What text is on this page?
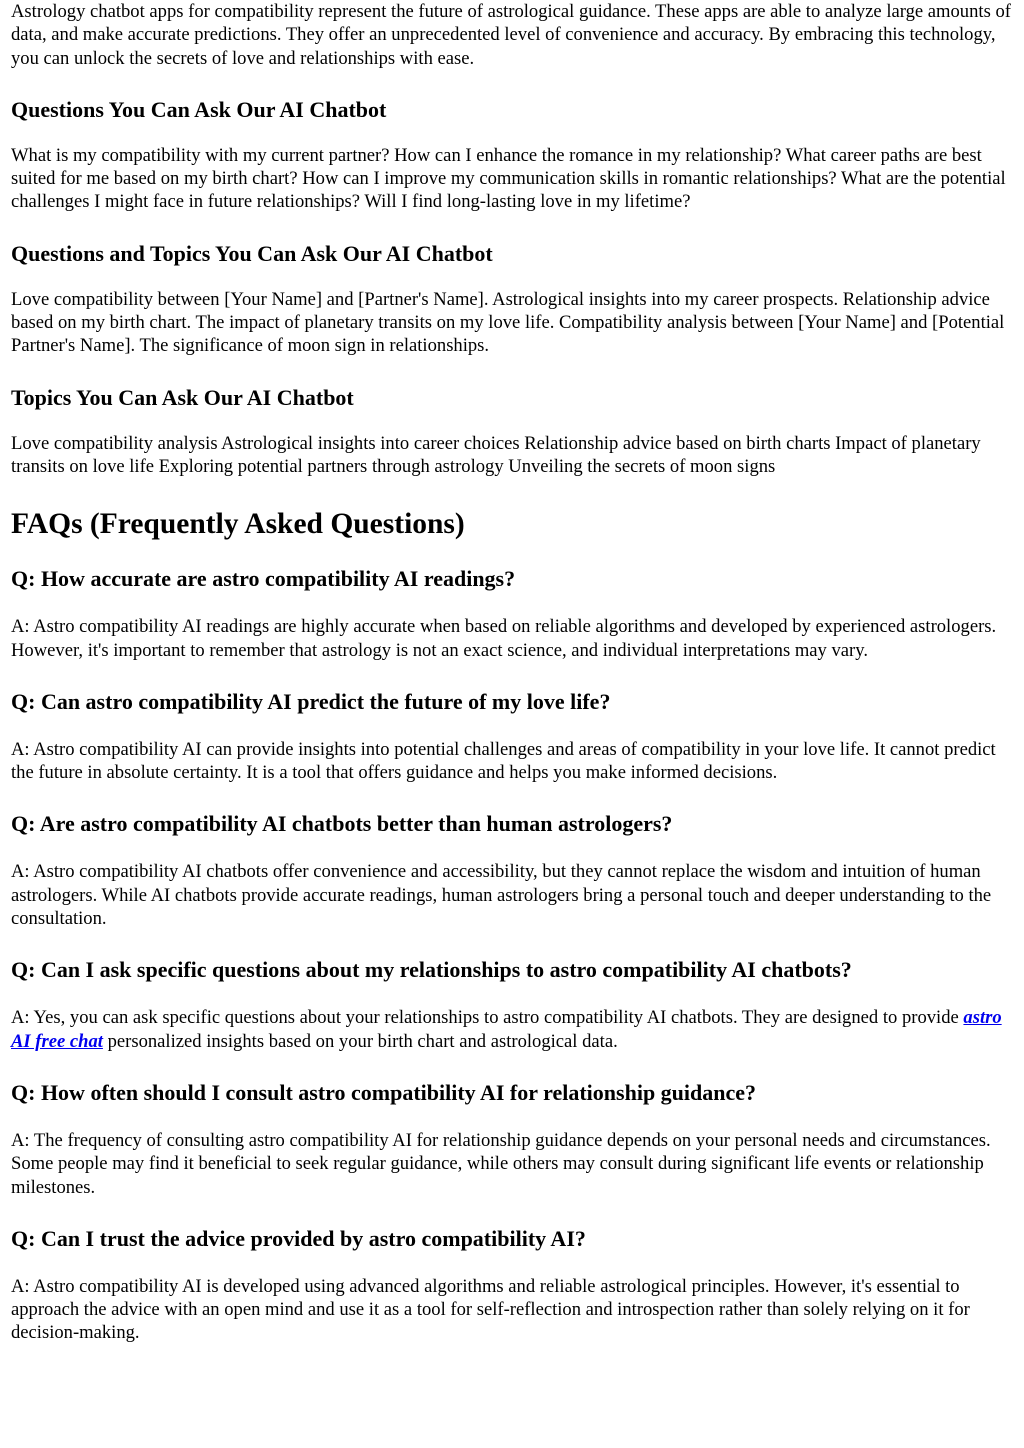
Astrology chatbot apps for compatibility represent the future of astrological guidance. These apps are able to analyze large amounts of data, and make accurate predictions. They offer an unprecedented level of convenience and accuracy. By embracing this technology, you can unlock the secrets of love and relationships with ease.

Questions You Can Ask Our AI Chatbot

What is my compatibility with my current partner? How can I enhance the romance in my relationship? What career paths are best suited for me based on my birth chart? How can I improve my communication skills in romantic relationships? What are the potential challenges I might face in future relationships? Will I find long-lasting love in my lifetime?

Questions and Topics You Can Ask Our AI Chatbot

Love compatibility between [Your Name] and [Partner's Name]. Astrological insights into my career prospects. Relationship advice based on my birth chart. The impact of planetary transits on my love life. Compatibility analysis between [Your Name] and [Potential Partner's Name]. The significance of moon sign in relationships.

Topics You Can Ask Our AI Chatbot

Love compatibility analysis Astrological insights into career choices Relationship advice based on birth charts Impact of planetary transits on love life Exploring potential partners through astrology Unveiling the secrets of moon signs

FAQs (Frequently Asked Questions)
Q: How accurate are astro compatibility AI readings?

A: Astro compatibility AI readings are highly accurate when based on reliable algorithms and developed by experienced astrologers. However, it's important to remember that astrology is not an exact science, and individual interpretations may vary.

Q: Can astro compatibility AI predict the future of my love life?

A: Astro compatibility AI can provide insights into potential challenges and areas of compatibility in your love life. It cannot predict the future in absolute certainty. It is a tool that offers guidance and helps you make informed decisions.

Q: Are astro compatibility AI chatbots better than human astrologers?

A: Astro compatibility AI chatbots offer convenience and accessibility, but they cannot replace the wisdom and intuition of human astrologers. While AI chatbots provide accurate readings, human astrologers bring a personal touch and deeper understanding to the consultation.

Q: Can I ask specific questions about my relationships to astro compatibility AI chatbots?

A: Yes, you can ask specific questions about your relationships to astro compatibility AI chatbots. They are designed to provide astro AI free chat personalized insights based on your birth chart and astrological data.

Q: How often should I consult astro compatibility AI for relationship guidance?

A: The frequency of consulting astro compatibility AI for relationship guidance depends on your personal needs and circumstances. Some people may find it beneficial to seek regular guidance, while others may consult during significant life events or relationship milestones.

Q: Can I trust the advice provided by astro compatibility AI?

A: Astro compatibility AI is developed using advanced algorithms and reliable astrological principles. However, it's essential to approach the advice with an open mind and use it as a tool for self-reflection and introspection rather than solely relying on it for decision-making.
